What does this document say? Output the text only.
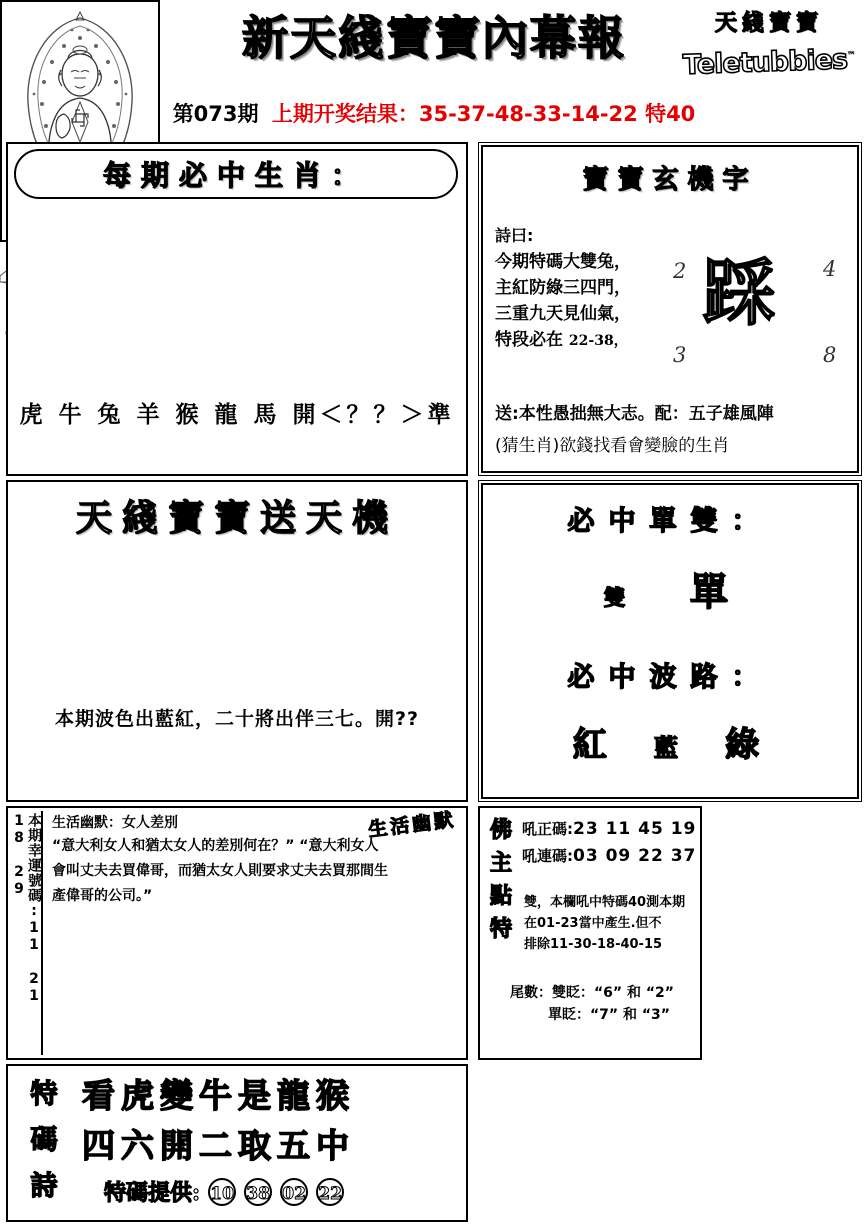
新天綫寶寶內幕報
第073期 上期开奖结果：35-37-48-33-14-22 特40
每期必中生肖：
虎 牛 兔 羊 猴 龍 馬 開＜？？＞準
寶寶玄機字
詩曰:
今期特碼大雙兔，
主紅防綠三四門，
三重九天見仙氣，
特段必在 22-38，
踩
2	4
3	8
送:本性愚拙無大志。配：五子雄風陣
(猜生肖)欲錢找看會變臉的生肖
天綫寶寶送天機
本期波色出藍紅，二十將出伴三七。開??
必中單雙：
雙 單
必中波路：
紅 藍 綠
本期幸運號碼:11 21 18 29	生活幽默
生活幽默：女人差別
“意大利女人和猶太女人的差別何在？” “意大利女人會叫丈夫去買偉哥，而猶太女人則要求丈夫去買那間生產偉哥的公司。”
佛主點特
吼正碼:23 11 45 19
吼連碼:03 09 22 37
雙，本欄吼中特碼40測本期
在01-23當中產生.但不
排除11-30-18-40-15
尾數：雙眨：“6” 和 “2”
單眨：“7” 和 “3”
特碼詩
看虎變牛是龍猴
四六開二取五中
特碼提供: 10 38 02 22
天綫寶寶
Teletubbies™
